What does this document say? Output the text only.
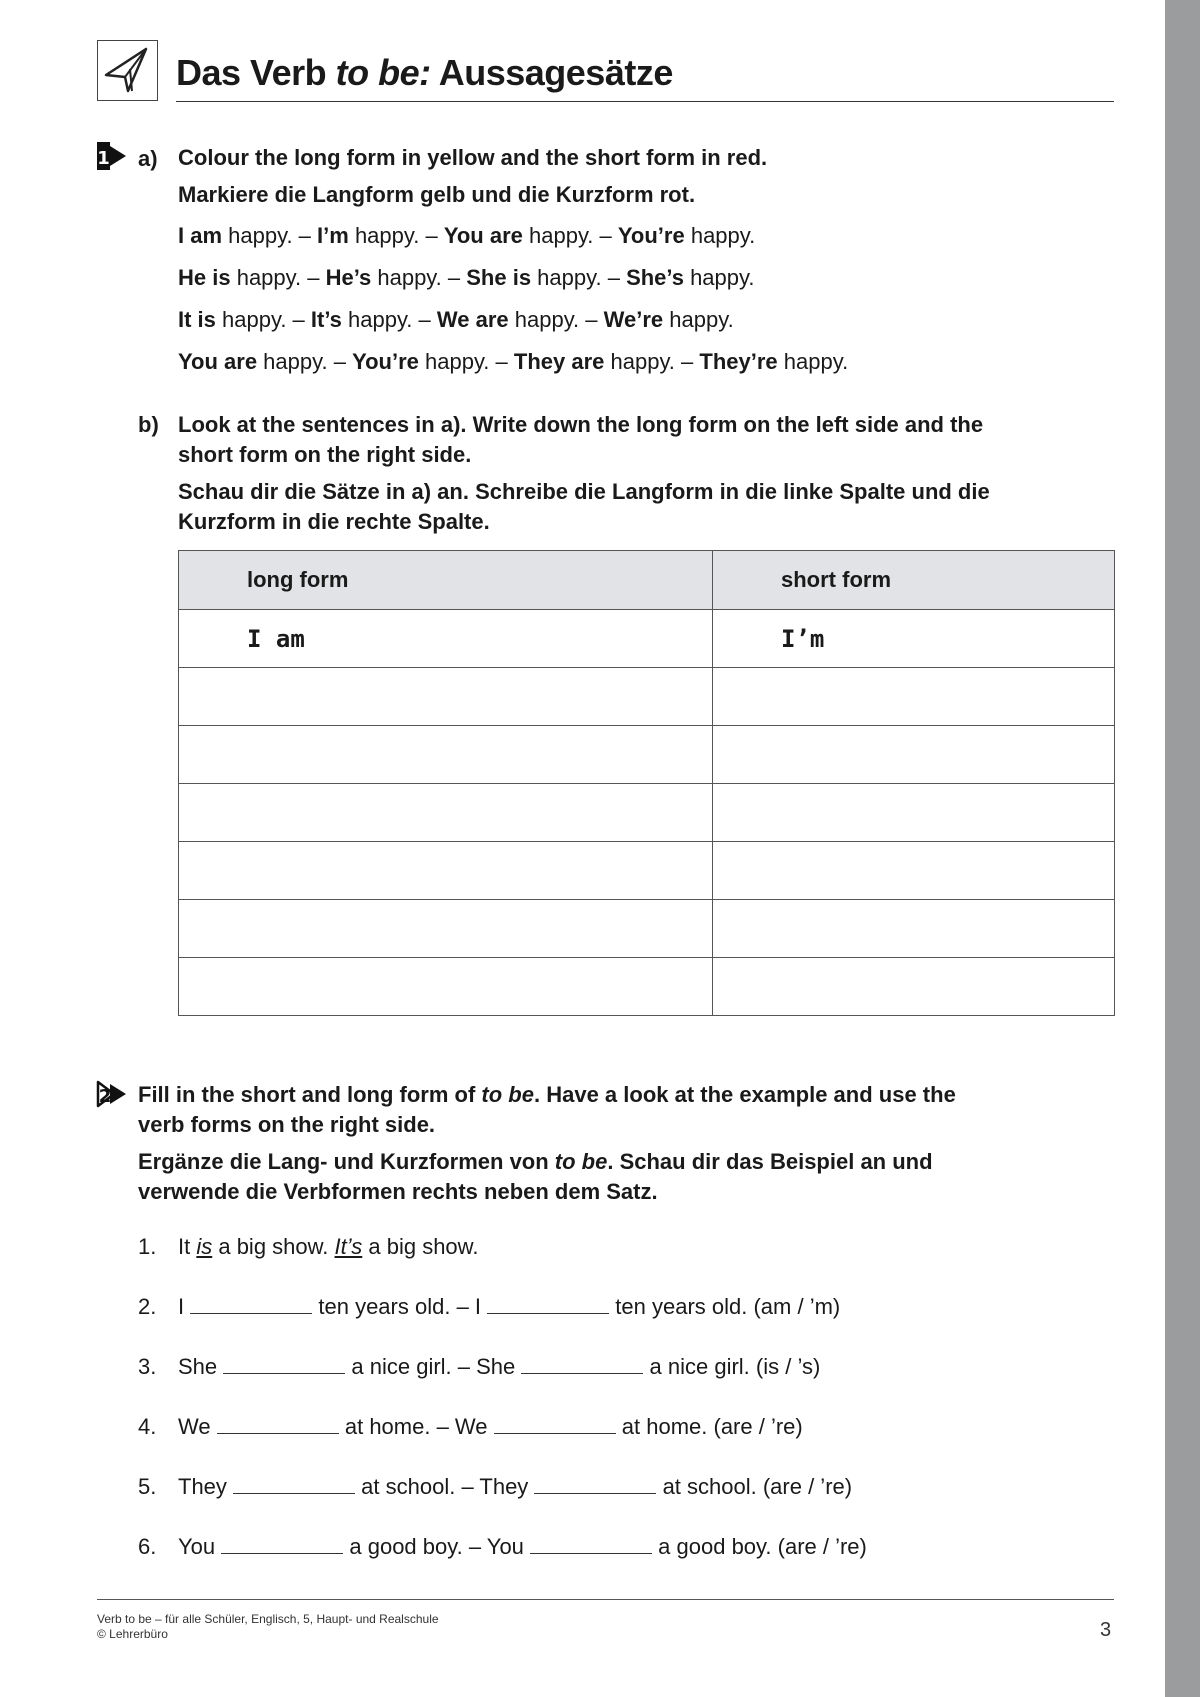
Das Verb to be: Aussagesätze
1 a) Colour the long form in yellow and the short form in red.

Markiere die Langform gelb und die Kurzform rot.

I am happy. – I’m happy. – You are happy. – You’re happy.
He is happy. – He’s happy. – She is happy. – She’s happy.
It is happy. – It’s happy. – We are happy. – We’re happy.
You are happy. – You’re happy. – They are happy. – They’re happy.
b) Look at the sentences in a). Write down the long form on the left side and the

short form on the right side.

Schau dir die Sätze in a) an. Schreibe die Langform in die linke Spalte und die

Kurzform in die rechte Spalte.

long form	short form
I am	I’m

2 Fill in the short and long form of to be. Have a look at the example and use the

verb forms on the right side.

Ergänze die Lang- und Kurzformen von to be. Schau dir das Beispiel an und

verwende die Verbformen rechts neben dem Satz.

1. It is a big show. It’s a big show.
2. I	ten years old. – I	ten years old. (am / ’m)
3. She	a nice girl. – She	a nice girl. (is / ’s)
4. We	at home. – We	at home. (are / ’re)
5. They	at school. – They	at school. (are / ’re)
6. You	a good boy. – You	a good boy. (are / ’re)
Verb to be – für alle Schüler, Englisch, 5, Haupt- und Realschule
© Lehrerbüro	3
